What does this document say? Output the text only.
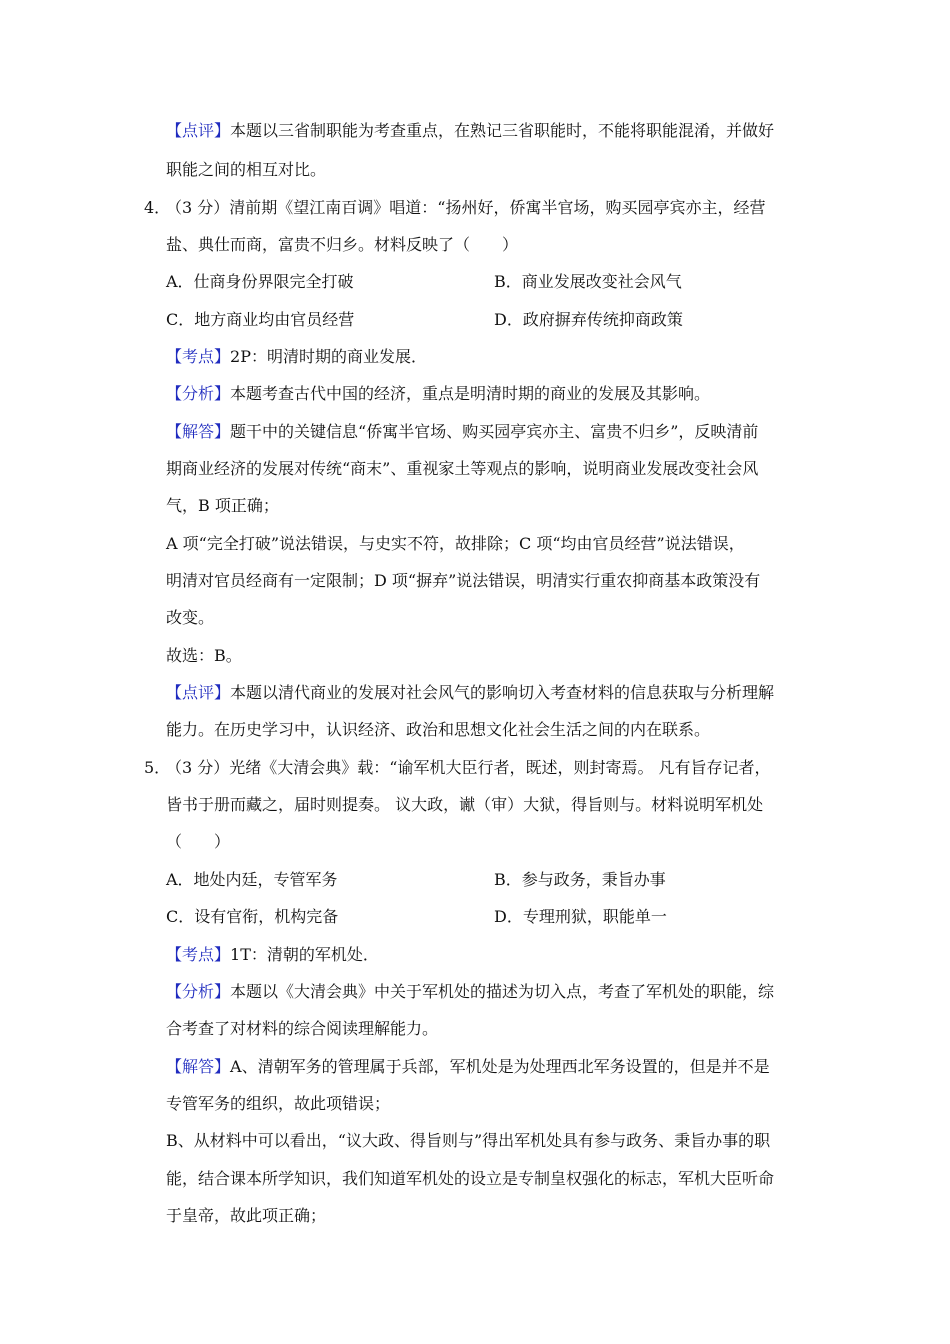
【点评】本题以三省制职能为考查重点，在熟记三省职能时，不能将职能混淆，并做好
职能之间的相互对比。
4．
（3 分）清前期《望江南百调》唱道：“扬州好，侨寓半官场，购买园亭宾亦主，经营
盐、典仕而商，富贵不归乡。材料反映了（　　）
A．仕商身份界限完全打破	B．商业发展改变社会风气
C．地方商业均由官员经营	D．政府摒弃传统抑商政策
【考点】2P：明清时期的商业发展．
【分析】本题考查古代中国的经济，重点是明清时期的商业的发展及其影响。
【解答】题干中的关键信息“侨寓半官场、购买园亭宾亦主、富贵不归乡”，反映清前
期商业经济的发展对传统“商末”、重视家土等观点的影响，说明商业发展改变社会风
气，B 项正确；
A 项“完全打破”说法错误，与史实不符，故排除；C 项“均由官员经营”说法错误，
明清对官员经商有一定限制；D 项“摒弃”说法错误，明清实行重农抑商基本政策没有
改变。
故选：B。
【点评】本题以清代商业的发展对社会风气的影响切入考查材料的信息获取与分析理解
能力。在历史学习中，认识经济、政治和思想文化社会生活之间的内在联系。
5．
（3 分）光绪《大清会典》载：“谕军机大臣行者，既述，则封寄焉。 凡有旨存记者，
皆书于册而藏之，届时则提奏。 议大政，谳（审）大狱，得旨则与。材料说明军机处
（　　）
A．地处内廷，专管军务	B．参与政务，秉旨办事
C．设有官衔，机构完备	D．专理刑狱，职能单一
【考点】1T：清朝的军机处．
【分析】本题以《大清会典》中关于军机处的描述为切入点，考查了军机处的职能，综
合考查了对材料的综合阅读理解能力。
【解答】A、清朝军务的管理属于兵部，军机处是为处理西北军务设置的，但是并不是
专管军务的组织，故此项错误；
B、从材料中可以看出，“议大政、得旨则与”得出军机处具有参与政务、秉旨办事的职
能，结合课本所学知识，我们知道军机处的设立是专制皇权强化的标志，军机大臣听命
于皇帝，故此项正确；
